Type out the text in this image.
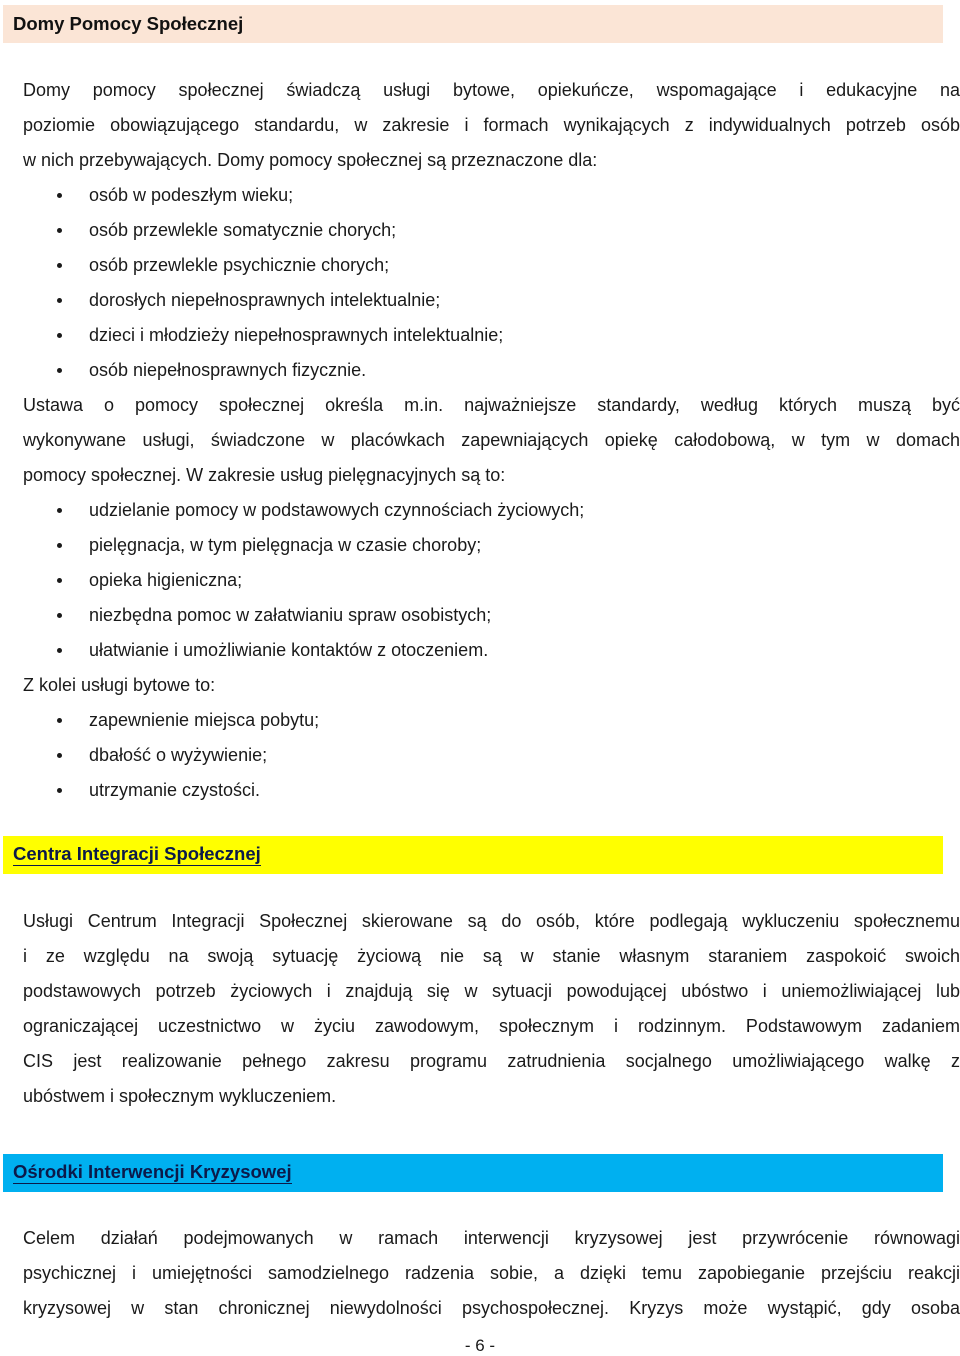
Domy Pomocy Społecznej

Domy pomocy społecznej świadczą usługi bytowe, opiekuńcze, wspomagające i edukacyjne na

poziomie obowiązującego standardu, w zakresie i formach wynikających z indywidualnych potrzeb osób

w nich przebywających. Domy pomocy społecznej są przeznaczone dla:

osób w podeszłym wieku;
osób przewlekle somatycznie chorych;
osób przewlekle psychicznie chorych;
dorosłych niepełnosprawnych intelektualnie;
dzieci i młodzieży niepełnosprawnych intelektualnie;
osób niepełnosprawnych fizycznie.

Ustawa o pomocy społecznej określa m.in. najważniejsze standardy, według których muszą być

wykonywane usługi, świadczone w placówkach zapewniających opiekę całodobową, w tym w domach

pomocy społecznej. W zakresie usług pielęgnacyjnych są to:

udzielanie pomocy w podstawowych czynnościach życiowych;
pielęgnacja, w tym pielęgnacja w czasie choroby;
opieka higieniczna;
niezbędna pomoc w załatwianiu spraw osobistych;
ułatwianie i umożliwianie kontaktów z otoczeniem.

Z kolei usługi bytowe to:

zapewnienie miejsca pobytu;
dbałość o wyżywienie;
utrzymanie czystości.
Centra Integracji Społecznej

Usługi Centrum Integracji Społecznej skierowane są do osób, które podlegają wykluczeniu społecznemu

i ze względu na swoją sytuację życiową nie są w stanie własnym staraniem zaspokoić swoich

podstawowych potrzeb życiowych i znajdują się w sytuacji powodującej ubóstwo i uniemożliwiającej lub

ograniczającej uczestnictwo w życiu zawodowym, społecznym i rodzinnym. Podstawowym zadaniem

CIS jest realizowanie pełnego zakresu programu zatrudnienia socjalnego umożliwiającego walkę z

ubóstwem i społecznym wykluczeniem.

Ośrodki Interwencji Kryzysowej

Celem działań podejmowanych w ramach interwencji kryzysowej jest przywrócenie równowagi

psychicznej i umiejętności samodzielnego radzenia sobie, a dzięki temu zapobieganie przejściu reakcji

kryzysowej w stan chronicznej niewydolności psychospołecznej. Kryzys może wystąpić, gdy osoba

- 6 -
